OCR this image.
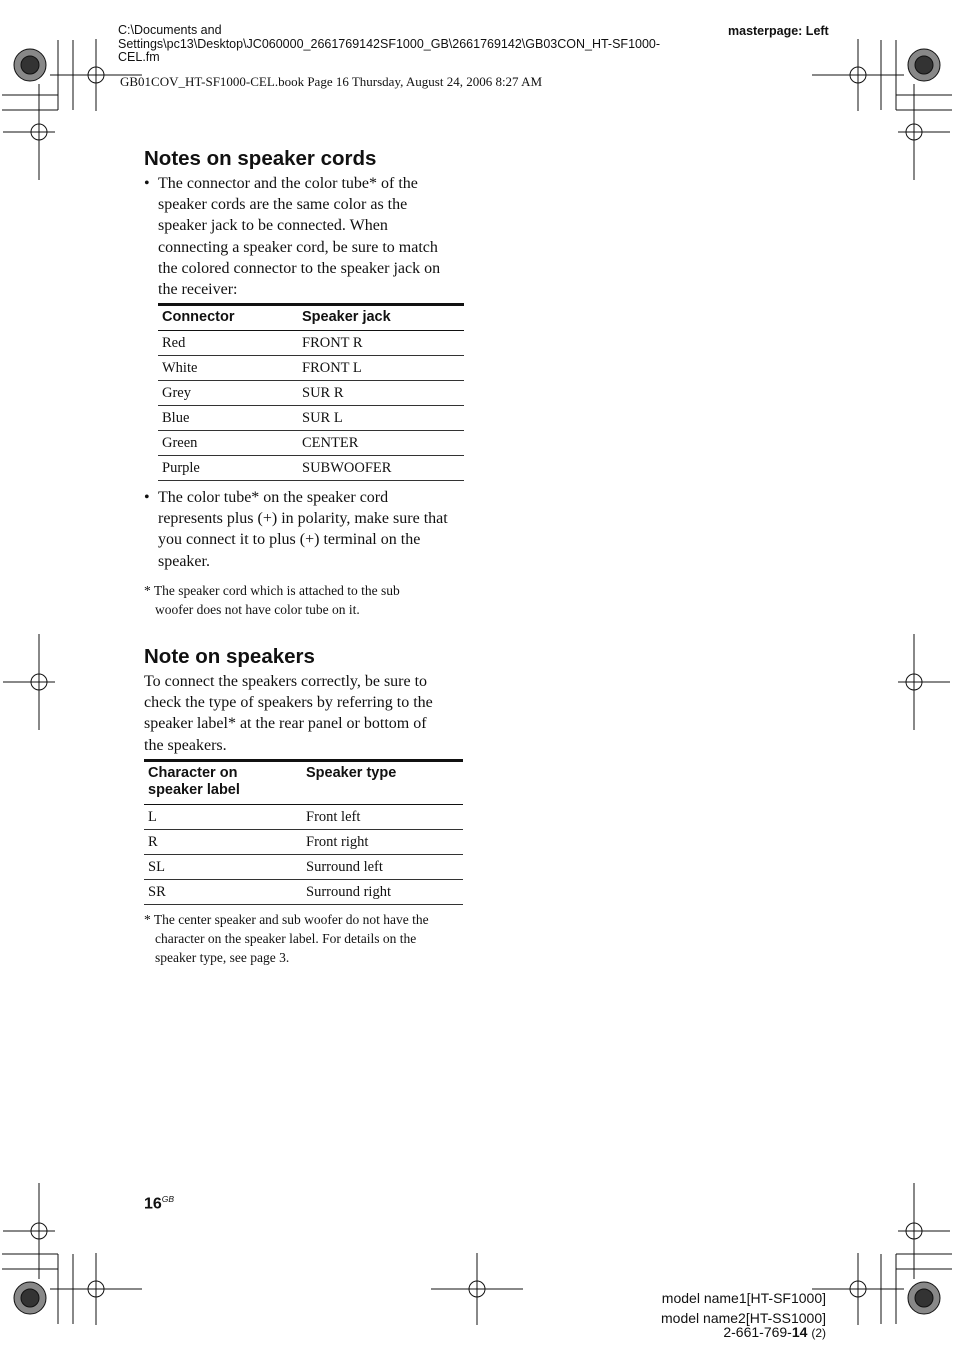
C:\Documents and
Settings\pc13\Desktop\JC060000_2661769142SF1000_GB\2661769142\GB03CON_HT-SF1000-
CEL.fm
masterpage: Left
GB01COV_HT-SF1000-CEL.book Page 16 Thursday, August 24, 2006 8:27 AM
Notes on speaker cords
• The connector and the color tube* of the
speaker cords are the same color as the
speaker jack to be connected. When
connecting a speaker cord, be sure to match
the colored connector to the speaker jack on
the receiver:
Connector	Speaker jack
Red	FRONT R
White	FRONT L
Grey	SUR R
Blue	SUR L
Green	CENTER
Purple	SUBWOOFER
• The color tube* on the speaker cord
represents plus (+) in polarity, make sure that
you connect it to plus (+) terminal on the
speaker.
* The speaker cord which is attached to the sub
woofer does not have color tube on it.
Note on speakers
To connect the speakers correctly, be sure to
check the type of speakers by referring to the
speaker label* at the rear panel or bottom of
the speakers.
Character on
speaker label	Speaker type
L	Front left
R	Front right
SL	Surround left
SR	Surround right
* The center speaker and sub woofer do not have the
character on the speaker label. For details on the
speaker type, see page 3.
$16^{GB}$
model name1[HT-SF1000]
model name2[HT-SS1000]
2-661-769-14 (2)
